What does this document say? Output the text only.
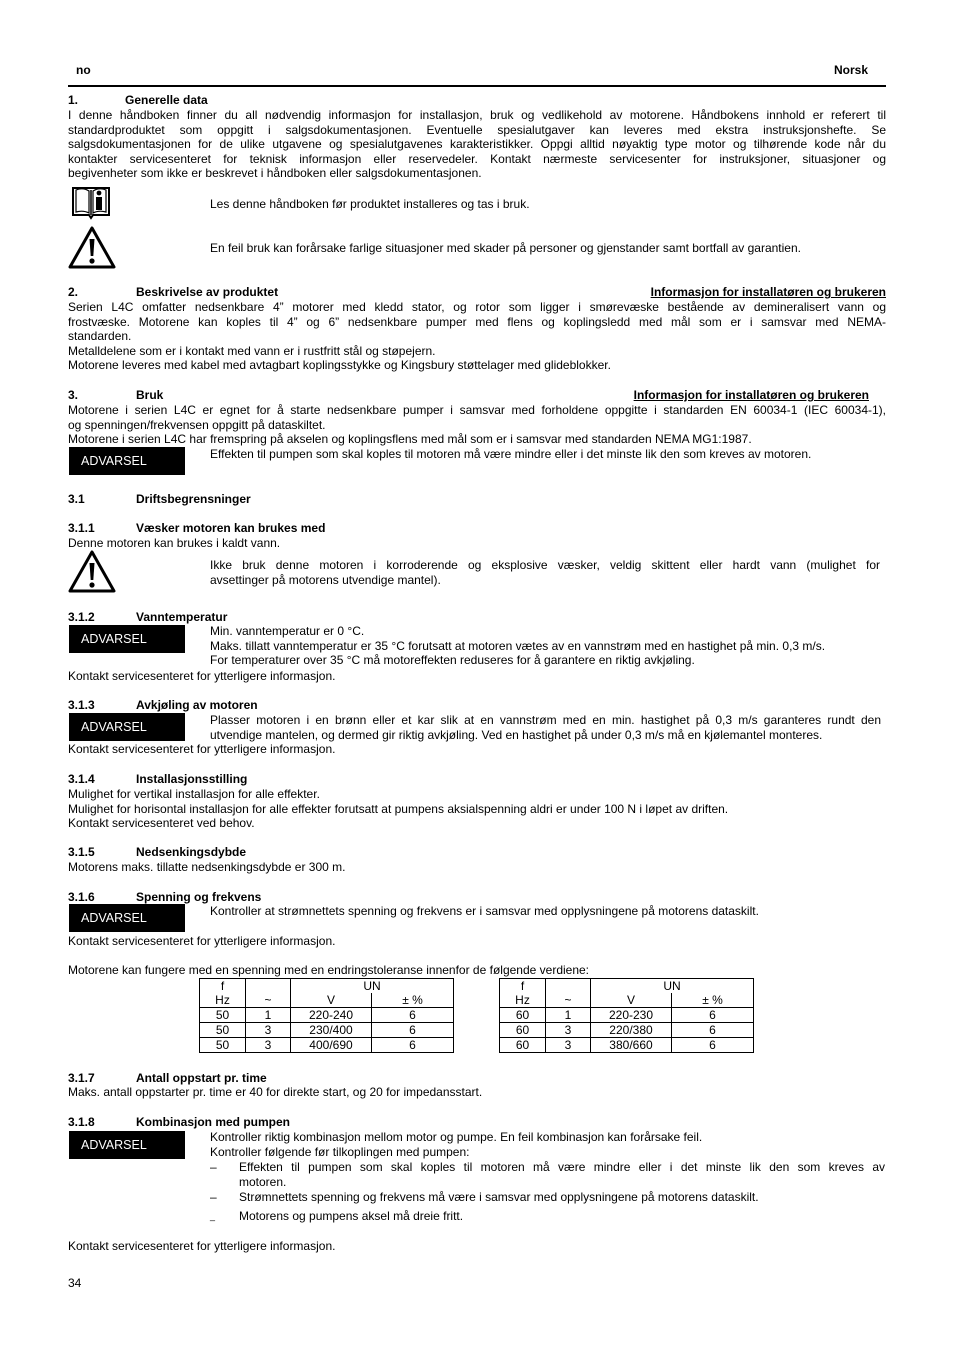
no	Norsk
1.	Generelle data
I denne håndboken finner du all nødvendig informasjon for installasjon, bruk og vedlikehold av motorene. Håndbokens innhold er referert til
standardproduktet som oppgitt i salgsdokumentasjonen. Eventuelle spesialutgaver kan leveres med ekstra instruksjonshefte. Se
salgsdokumentasjonen for de ulike utgavene og spesialutgavenes karakteristikker. Oppgi alltid nøyaktig type motor og tilhørende kode når du
kontakter servicesenteret for teknisk informasjon eller reservedeler. Kontakt nærmeste servicesenter for instruksjoner, situasjoner og
begivenheter som ikke er beskrevet i håndboken eller salgsdokumentasjonen.
Les denne håndboken før produktet installeres og tas i bruk.
En feil bruk kan forårsake farlige situasjoner med skader på personer og gjenstander samt bortfall av garantien.
2.	Beskrivelse av produktet	Informasjon for installatøren og brukeren
Serien L4C omfatter nedsenkbare 4” motorer med kledd stator, og rotor som ligger i smørevæske bestående av demineralisert vann og
frostvæske. Motorene kan koples til 4” og 6” nedsenkbare pumper med flens og koplingsledd med mål som er i samsvar med NEMA-
standarden.
Metalldelene som er i kontakt med vann er i rustfritt stål og støpejern.
Motorene leveres med kabel med avtagbart koplingsstykke og Kingsbury støttelager med glideblokker.
3.	Bruk	Informasjon for installatøren og brukeren
Motorene i serien L4C er egnet for å starte nedsenkbare pumper i samsvar med forholdene oppgitte i standarden EN 60034-1 (IEC 60034-1),
og spenningen/frekvensen oppgitt på dataskiltet.
Motorene i serien L4C har fremspring på akselen og koplingsflens med mål som er i samsvar med standarden NEMA MG1:1987.
ADVARSEL	Effekten til pumpen som skal koples til motoren må være mindre eller i det minste lik den som kreves av motoren.
3.1	Driftsbegrensninger
3.1.1	Væsker motoren kan brukes med
Denne motoren kan brukes i kaldt vann.
Ikke bruk denne motoren i korroderende og eksplosive væsker, veldig skittent eller hardt vann (mulighet for
avsettinger på motorens utvendige mantel).
3.1.2	Vanntemperatur
ADVARSEL
Min. vanntemperatur er 0 °C.
Maks. tillatt vanntemperatur er 35 °C forutsatt at motoren vætes av en vannstrøm med en hastighet på min. 0,3 m/s.
For temperaturer over 35 °C må motoreffekten reduseres for å garantere en riktig avkjøling.
Kontakt servicesenteret for ytterligere informasjon.
3.1.3	Avkjøling av motoren
ADVARSEL	Plasser motoren i en brønn eller et kar slik at en vannstrøm med en min. hastighet på 0,3 m/s garanteres rundt den
utvendige mantelen, og dermed gir riktig avkjøling. Ved en hastighet på under 0,3 m/s må en kjølemantel monteres.
Kontakt servicesenteret for ytterligere informasjon.
3.1.4	Installasjonsstilling
Mulighet for vertikal installasjon for alle effekter.
Mulighet for horisontal installasjon for alle effekter forutsatt at pumpens aksialspenning aldri er under 100 N i løpet av driften.
Kontakt servicesenteret ved behov.
3.1.5	Nedsenkingsdybde
Motorens maks. tillatte nedsenkingsdybde er 300 m.
3.1.6	Spenning og frekvens
ADVARSEL	Kontroller at strømnettets spenning og frekvens er i samsvar med opplysningene på motorens dataskilt.
Kontakt servicesenteret for ytterligere informasjon.
Motorene kan fungere med en spenning med en endringstoleranse innenfor de følgende verdiene:
f		UN	
Hz	~	V	± %
50	1	220-240	6
50	3	230/400	6
50	3	400/690	6
f		UN	
Hz	~	V	± %
60	1	220-230	6
60	3	220/380	6
60	3	380/660	6
3.1.7	Antall oppstart pr. time
Maks. antall oppstarter pr. time er 40 for direkte start, og 20 for impedansstart.
3.1.8	Kombinasjon med pumpen
ADVARSEL
Kontroller riktig kombinasjon mellom motor og pumpe. En feil kombinasjon kan forårsake feil.
Kontroller følgende før tilkoplingen med pumpen:
– Effekten til pumpen som skal koples til motoren må være mindre eller i det minste lik den som kreves av
motoren.
– Strømnettets spenning og frekvens må være i samsvar med opplysningene på motorens dataskilt.
_ Motorens og pumpens aksel må dreie fritt.
Kontakt servicesenteret for ytterligere informasjon.
34
